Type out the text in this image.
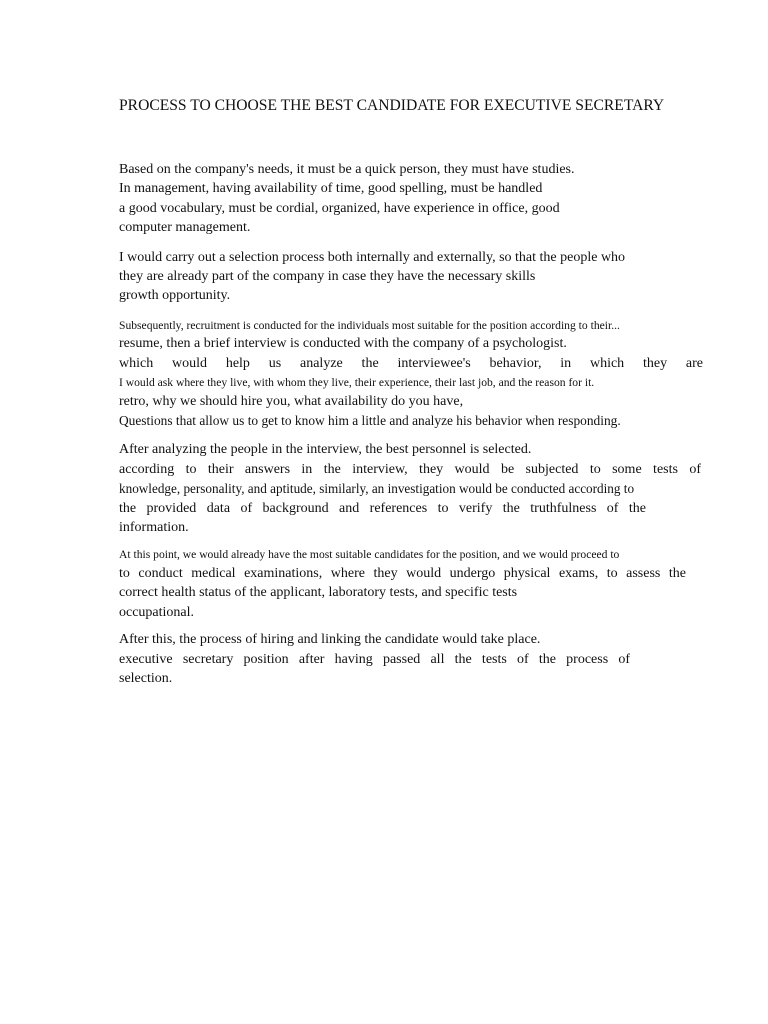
PROCESS TO CHOOSE THE BEST CANDIDATE FOR EXECUTIVE SECRETARY
Based on the company's needs, it must be a quick person, they must have studies.
In management, having availability of time, good spelling, must be handled
a good vocabulary, must be cordial, organized, have experience in office, good
computer management.
I would carry out a selection process both internally and externally, so that the people who
they are already part of the company in case they have the necessary skills
growth opportunity.
Subsequently, recruitment is conducted for the individuals most suitable for the position according to their...
resume, then a brief interview is conducted with the company of a psychologist.
which would help us analyze the interviewee's behavior, in which they are
I would ask where they live, with whom they live, their experience, their last job, and the reason for it.
retro, why we should hire you, what availability do you have,
Questions that allow us to get to know him a little and analyze his behavior when responding.
After analyzing the people in the interview, the best personnel is selected.
according to their answers in the interview, they would be subjected to some tests of
knowledge, personality, and aptitude, similarly, an investigation would be conducted according to
the provided data of background and references to verify the truthfulness of the
information.
At this point, we would already have the most suitable candidates for the position, and we would proceed to
to conduct medical examinations, where they would undergo physical exams, to assess the
correct health status of the applicant, laboratory tests, and specific tests
occupational.
After this, the process of hiring and linking the candidate would take place.
executive secretary position after having passed all the tests of the process of
selection.
